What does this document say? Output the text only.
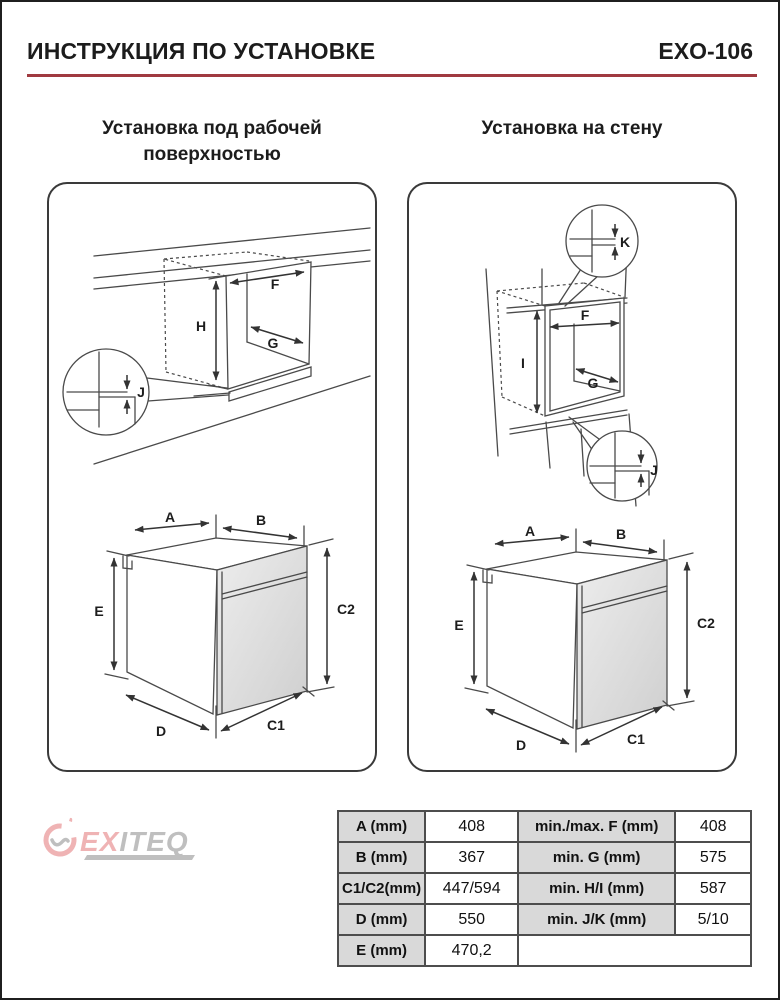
ИНСТРУКЦИЯ ПО УСТАНОВКЕ	EXO-106
Установка под рабочей
поверхностью
Установка на стену
F
H
G
J
F
I
G
K
J
EXITEQ	A (mm)	408	min./max. F (mm)	408
B (mm)	367	min. G (mm)	575
C1/C2(mm)	447/594	min. H/I (mm)	587
D (mm)	550	min. J/K (mm)	5/10
E (mm)	470,2		
